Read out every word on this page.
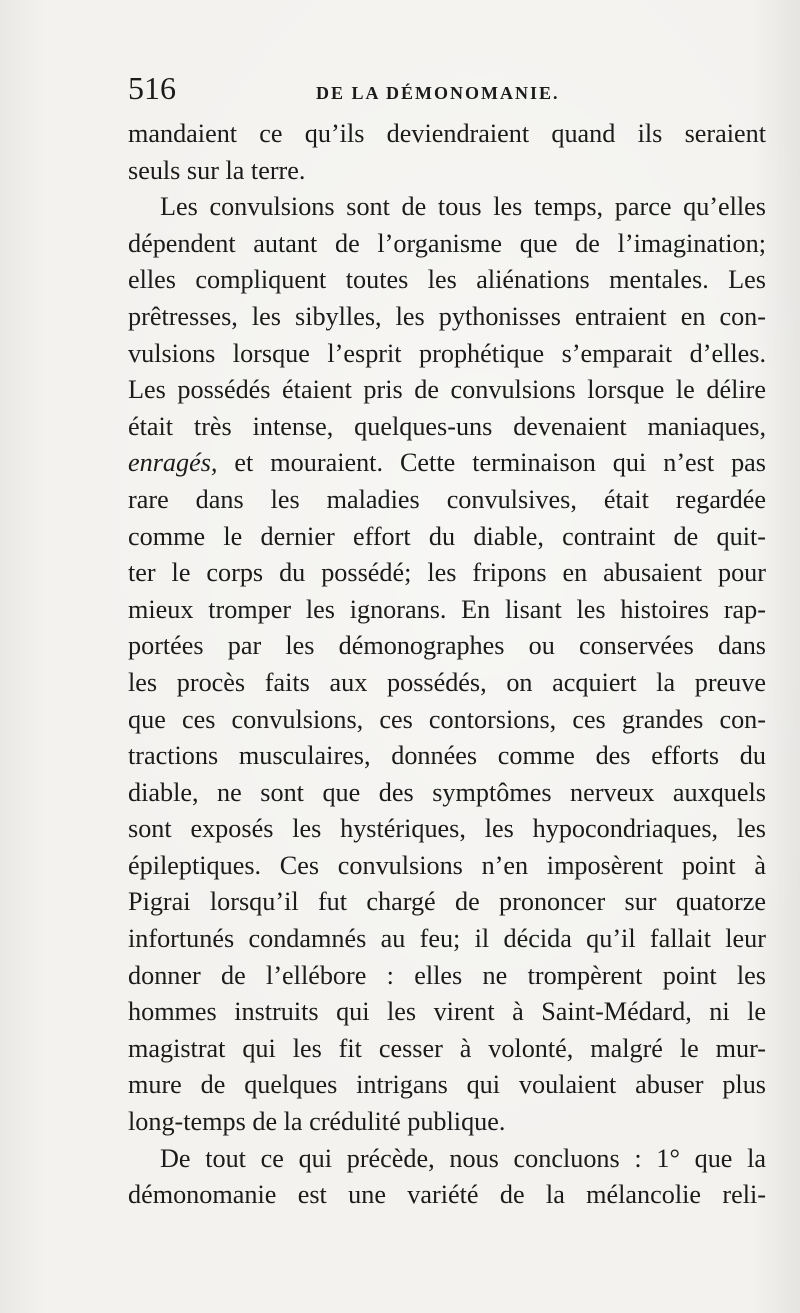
516	DE LA DÉMONOMANIE.
mandaient ce qu’ils deviendraient quand ils seraient
seuls sur la terre.
Les convulsions sont de tous les temps, parce qu’elles
dépendent autant de l’organisme que de l’imagination;
elles compliquent toutes les aliénations mentales. Les
prêtresses, les sibylles, les pythonisses entraient en con-
vulsions lorsque l’esprit prophétique s’emparait d’elles.
Les possédés étaient pris de convulsions lorsque le délire
était très intense, quelques-uns devenaient maniaques,
enragés, et mouraient. Cette terminaison qui n’est pas
rare dans les maladies convulsives, était regardée
comme le dernier effort du diable, contraint de quit-
ter le corps du possédé; les fripons en abusaient pour
mieux tromper les ignorans. En lisant les histoires rap-
portées par les démonographes ou conservées dans
les procès faits aux possédés, on acquiert la preuve
que ces convulsions, ces contorsions, ces grandes con-
tractions musculaires, données comme des efforts du
diable, ne sont que des symptômes nerveux auxquels
sont exposés les hystériques, les hypocondriaques, les
épileptiques. Ces convulsions n’en imposèrent point à
Pigrai lorsqu’il fut chargé de prononcer sur quatorze
infortunés condamnés au feu; il décida qu’il fallait leur
donner de l’ellébore : elles ne trompèrent point les
hommes instruits qui les virent à Saint-Médard, ni le
magistrat qui les fit cesser à volonté, malgré le mur-
mure de quelques intrigans qui voulaient abuser plus
long-temps de la crédulité publique.
De tout ce qui précède, nous concluons : 1° que la
démonomanie est une variété de la mélancolie reli-
